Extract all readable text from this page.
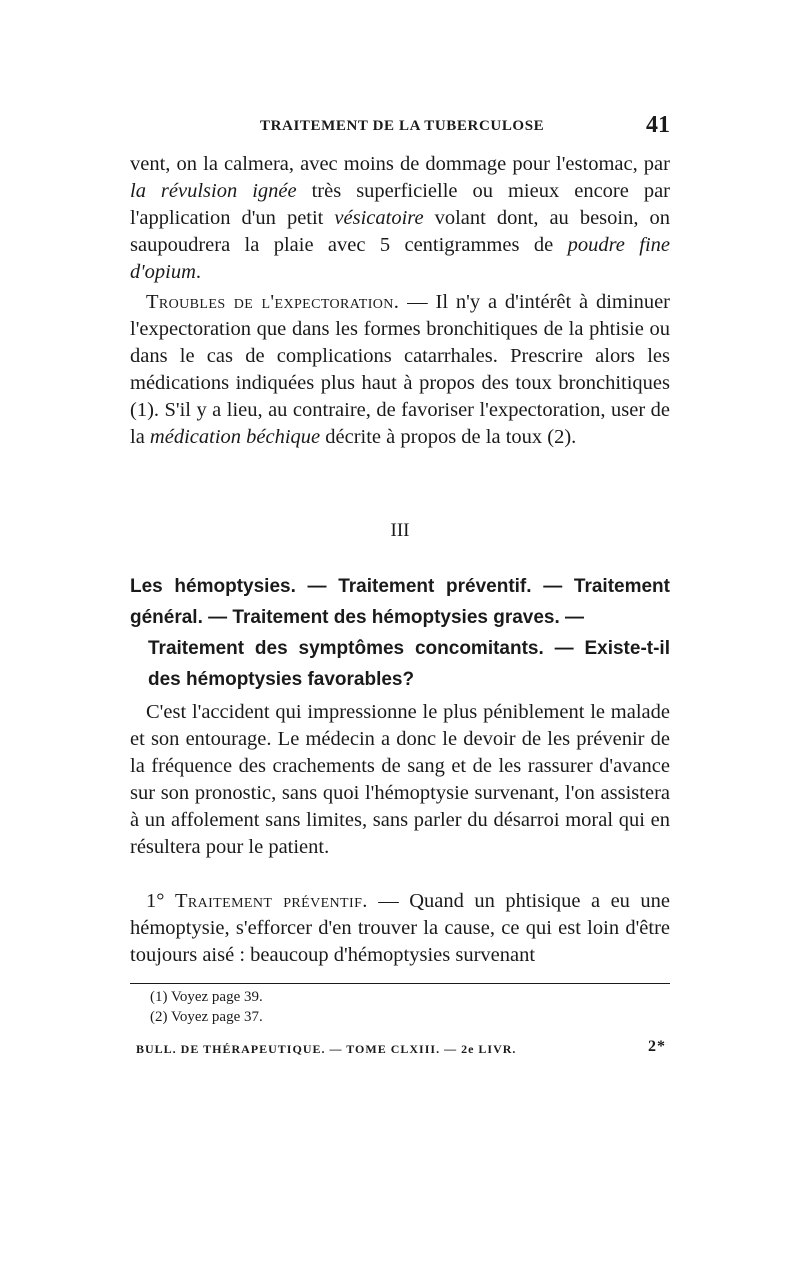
TRAITEMENT DE LA TUBERCULOSE	41

vent, on la calmera, avec moins de dommage pour l'estomac, par la révulsion ignée très superficielle ou mieux encore par l'application d'un petit vésicatoire volant dont, au besoin, on saupoudrera la plaie avec 5 centigrammes de poudre fine d'opium.

Troubles de l'expectoration. — Il n'y a d'intérêt à diminuer l'expectoration que dans les formes bronchitiques de la phtisie ou dans le cas de complications catarrhales. Prescrire alors les médications indiquées plus haut à propos des toux bronchitiques (1). S'il y a lieu, au contraire, de favoriser l'expectoration, user de la médication béchique décrite à propos de la toux (2).

III
Les hémoptysies. — Traitement préventif. — Traitement général. — Traitement des hémoptysies graves. —
Traitement des symptômes concomitants. — Existe-t-il des hémoptysies favorables?

C'est l'accident qui impressionne le plus péniblement le malade et son entourage. Le médecin a donc le devoir de les prévenir de la fréquence des crachements de sang et de les rassurer d'avance sur son pronostic, sans quoi l'hémoptysie survenant, l'on assistera à un affolement sans limites, sans parler du désarroi moral qui en résultera pour le patient.

1° Traitement préventif. — Quand un phtisique a eu une hémoptysie, s'efforcer d'en trouver la cause, ce qui est loin d'être toujours aisé : beaucoup d'hémoptysies survenant

(1) Voyez page 39.
(2) Voyez page 37.
BULL. DE THÉRAPEUTIQUE. — TOME CLXIII. — 2e LIVR.	2*
